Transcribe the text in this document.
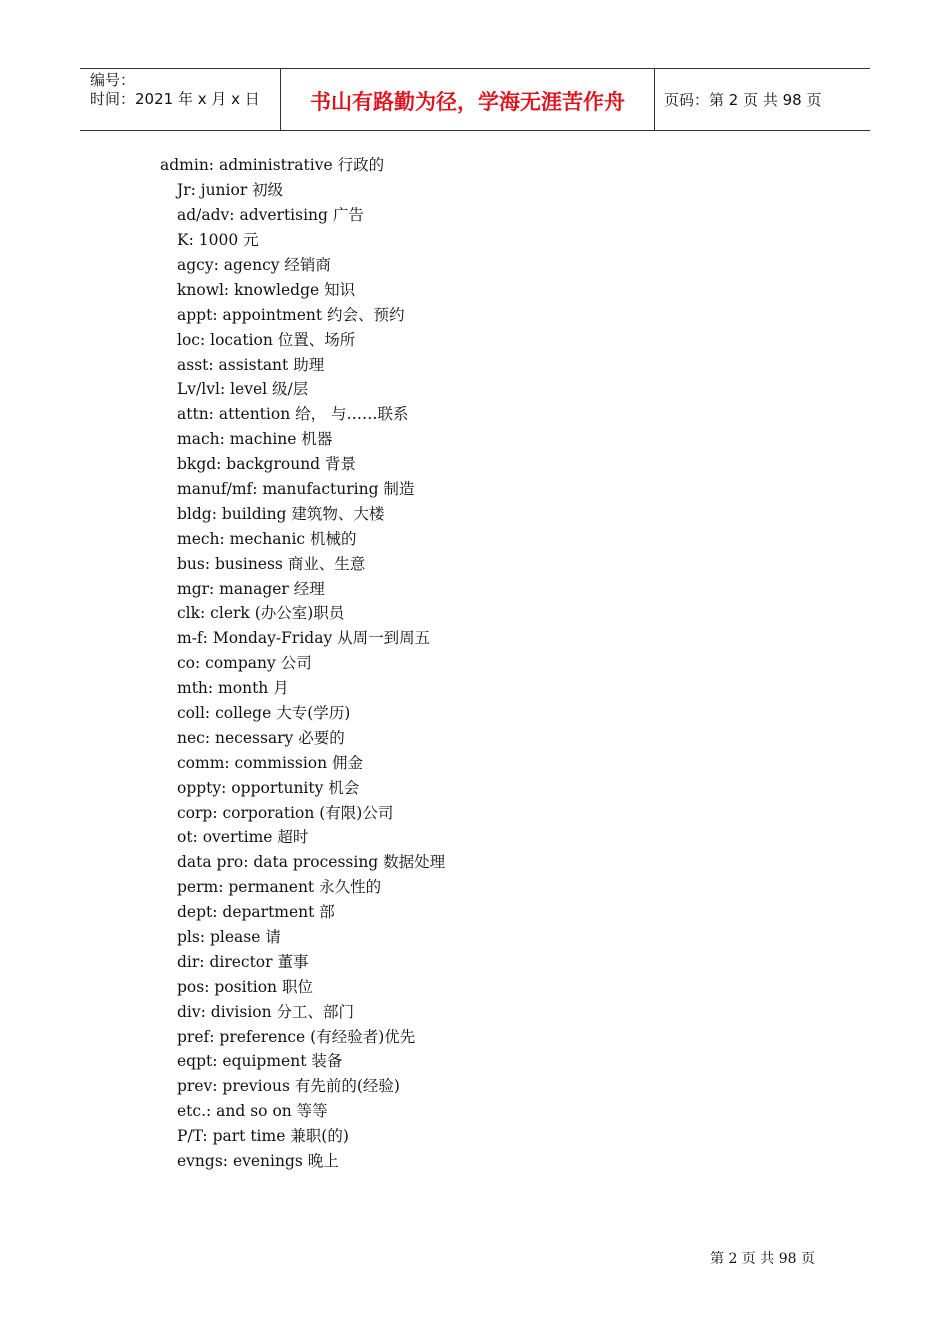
编号：
时间：2021 年 x 月 x 日	书山有路勤为径，学海无涯苦作舟	页码：第 2 页 共 98 页
admin: administrative 行政的
Jr: junior 初级
ad/adv: advertising 广告
K: 1000 元
agcy: agency 经销商
knowl: knowledge 知识
appt: appointment 约会、预约
loc: location 位置、场所
asst: assistant 助理
Lv/lvl: level 级/层
attn: attention 给， 与……联系
mach: machine 机器
bkgd: background 背景
manuf/mf: manufacturing 制造
bldg: building 建筑物、大楼
mech: mechanic 机械的
bus: business 商业、生意
mgr: manager 经理
clk: clerk (办公室)职员
m-f: Monday-Friday 从周一到周五
co: company 公司
mth: month 月
coll: college 大专(学历)
nec: necessary 必要的
comm: commission 佣金
oppty: opportunity 机会
corp: corporation (有限)公司
ot: overtime 超时
data pro: data processing 数据处理
perm: permanent 永久性的
dept: department 部
pls: please 请
dir: director 董事
pos: position 职位
div: division 分工、部门
pref: preference (有经验者)优先
eqpt: equipment 装备
prev: previous 有先前的(经验)
etc.: and so on 等等
P/T: part time 兼职(的)
evngs: evenings 晚上
第 2 页 共 98 页
